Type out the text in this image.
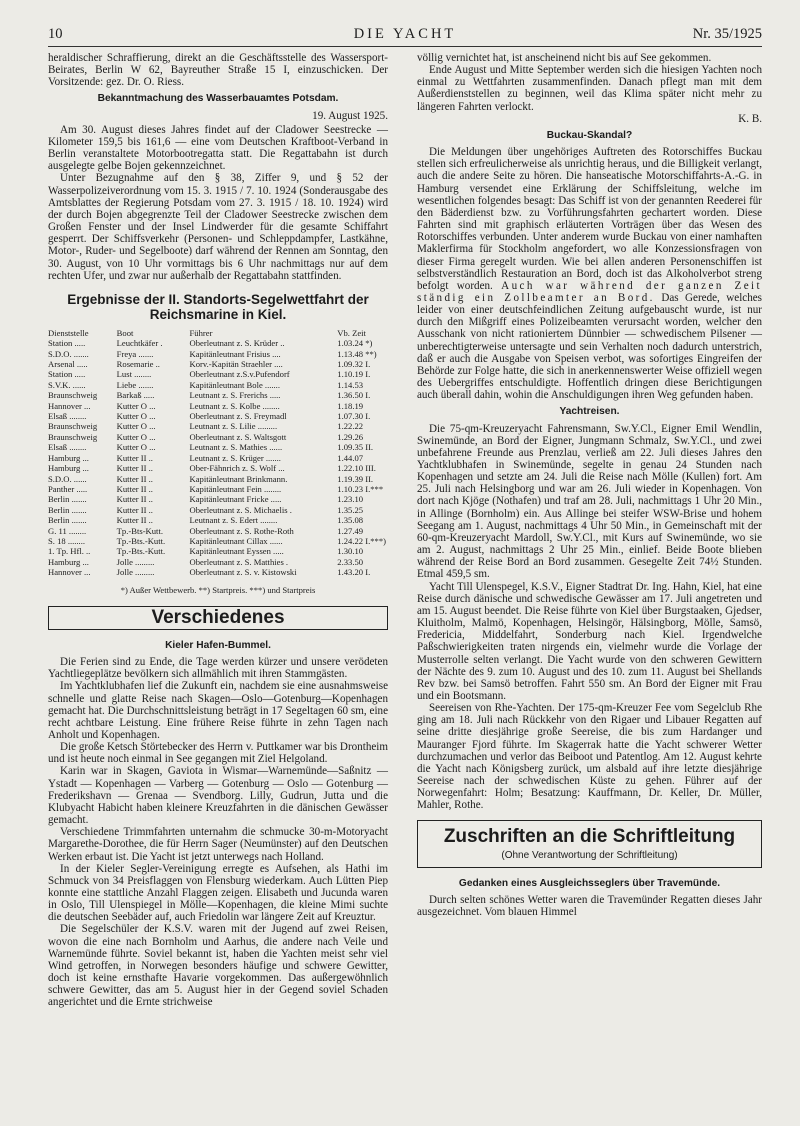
10	DIE YACHT	Nr. 35/1925

heraldischer Schraffierung, direkt an die Geschäftsstelle des Wassersport-Beirates, Berlin W 62, Bayreuther Straße 15 I, einzuschicken. Der Vorsitzende: gez. Dr. O. Riess.

Bekanntmachung des Wasserbauamtes Potsdam.
19. August 1925.

Am 30. August dieses Jahres findet auf der Cladower Seestrecke — Kilometer 159,5 bis 161,6 — eine vom Deutschen Kraftboot-Verband in Berlin veranstaltete Motorbootregatta statt. Die Regattabahn ist durch ausgelegte gelbe Bojen gekennzeichnet.

Unter Bezugnahme auf den § 38, Ziffer 9, und § 52 der Wasserpolizeiverordnung vom 15. 3. 1915 / 7. 10. 1924 (Sonderausgabe des Amtsblattes der Regierung Potsdam vom 27. 3. 1915 / 18. 10. 1924) wird der durch Bojen abgegrenzte Teil der Cladower Seestrecke zwischen dem Großen Fenster und der Insel Lindwerder für die gesamte Schiffahrt gesperrt. Der Schiffsverkehr (Personen- und Schleppdampfer, Lastkähne, Motor-, Ruder- und Segelboote) darf während der Rennen am Sonntag, den 30. August, von 10 Uhr vormittags bis 6 Uhr nachmittags nur auf dem rechten Ufer, und zwar nur außerhalb der Regattabahn stattfinden.

Ergebnisse der II. Standorts-Segelwettfahrt der Reichsmarine in Kiel.
Dienststelle	Boot	Führer	Vb. Zeit
Station .....	Leuchtkäfer .	Oberleutnant z. S. Krüder ..	1.03.24 *)
S.D.O. .......	Freya .......	Kapitänleutnant Frisius ....	1.13.48 **)
Arsenal .....	Rosemarie ..	Korv.-Kapitän Straehler ....	1.09.32 I.
Station .....	Lust ........	Oberleutnant z.S.v.Pufendorf	1.10.19 I.
S.V.K. ......	Liebe .......	Kapitänleutnant Bole .......	1.14.53
Braunschweig	Barkaß .....	Leutnant z. S. Frerichs .....	1.36.50 I.
Hannover ...	Kutter O ...	Leutnant z. S. Kolbe ........	1.18.19
Elsaß ........	Kutter O ...	Oberleutnant z. S. Freymadl	1.07.30 I.
Braunschweig	Kutter O ...	Leutnant z. S. Lilie .........	1.22.22
Braunschweig	Kutter O ...	Oberleutnant z. S. Waltsgott	1.29.26
Elsaß ........	Kutter O ...	Leutnant z. S. Mathies ......	1.09.35 II.
Hamburg ...	Kutter II ..	Leutnant z. S. Krüger .......	1.44.07
Hamburg ...	Kutter II ..	Ober-Fähnrich z. S. Wolf ...	1.22.10 III.
S.D.O. ......	Kutter II ..	Kapitänleutnant Brinkmann.	1.19.39 II.
Panther .....	Kutter II ..	Kapitänleutnant Fein ........	1.10.23 I.***
Berlin .......	Kutter II ..	Kapitänleutnant Fricke .....	1.23.10
Berlin .......	Kutter II ..	Oberleutnant z. S. Michaelis .	1.35.25
Berlin .......	Kutter II ..	Leutnant z. S. Edert ........	1.35.08
G. 11 ........	Tp.-Bts-Kutt.	Oberleutnant z. S. Rothe-Roth	1.27.49
S. 18 ........	Tp.-Bts.-Kutt.	Kapitänleutnant Cillax ......	1.24.22 I.***)
1. Tp. Hfl. ..	Tp.-Bts.-Kutt.	Kapitänleutnant Eyssen .....	1.30.10
Hamburg ...	Jolle .........	Oberleutnant z. S. Matthies .	2.33.50
Hannover ...	Jolle .........	Oberleutnant z. S. v. Kistowski	1.43.20 I.
*) Außer Wettbewerb. **) Startpreis. ***) und Startpreis
Verschiedenes
Kieler Hafen-Bummel.

Die Ferien sind zu Ende, die Tage werden kürzer und unsere verödeten Yachtliegeplätze bevölkern sich allmählich mit ihren Stammgästen.

Im Yachtklubhafen lief die Zukunft ein, nachdem sie eine ausnahmsweise schnelle und glatte Reise nach Skagen—Oslo—Gotenburg—Kopenhagen gemacht hat. Die Durchschnittsleistung beträgt in 17 Segeltagen 60 sm, eine recht achtbare Leistung. Eine frühere Reise führte in zehn Tagen nach Anholt und Kopenhagen.

Die große Ketsch Störtebecker des Herrn v. Puttkamer war bis Drontheim und ist heute noch einmal in See gegangen mit Ziel Helgoland.

Karin war in Skagen, Gaviota in Wismar—Warnemünde—Saßnitz — Ystadt — Kopenhagen — Varberg — Gotenburg — Oslo — Gotenburg — Frederikshavn — Grenaa — Svendborg. Lilly, Gudrun, Jutta und die Klubyacht Habicht haben kleinere Kreuzfahrten in die dänischen Gewässer gemacht.

Verschiedene Trimmfahrten unternahm die schmucke 30-m-Motoryacht Margarethe-Dorothee, die für Herrn Sager (Neumünster) auf den Deutschen Werken erbaut ist. Die Yacht ist jetzt unterwegs nach Holland.

In der Kieler Segler-Vereinigung erregte es Aufsehen, als Hathi im Schmuck von 34 Preisflaggen von Flensburg wiederkam. Auch Lütten Piep konnte eine stattliche Anzahl Flaggen zeigen. Elisabeth und Jucunda waren in Oslo, Till Ulenspiegel in Mölle—Kopenhagen, die kleine Mimi suchte die deutschen Seebäder auf, auch Friedolin war längere Zeit auf Kreuztur.

Die Segelschüler der K.S.V. waren mit der Jugend auf zwei Reisen, wovon die eine nach Bornholm und Aarhus, die andere nach Veile und Warnemünde führte. Soviel bekannt ist, haben die Yachten meist sehr viel Wind getroffen, in Norwegen besonders häufige und schwere Gewitter, doch ist keine ernsthafte Havarie vorgekommen. Das außergewöhnlich schwere Gewitter, das am 5. August hier in der Gegend soviel Schaden angerichtet und die Ernte strichweise

völlig vernichtet hat, ist anscheinend nicht bis auf See gekommen.

Ende August und Mitte September werden sich die hiesigen Yachten noch einmal zu Wettfahrten zusammenfinden. Danach pflegt man mit dem Außerdienststellen zu beginnen, weil das Klima später nicht mehr zu längeren Fahrten verlockt.

K. B.

Buckau-Skandal?

Die Meldungen über ungehöriges Auftreten des Rotorschiffes Buckau stellen sich erfreulicherweise als unrichtig heraus, und die Billigkeit verlangt, auch die andere Seite zu hören. Die hanseatische Motorschiffahrts-A.-G. in Hamburg versendet eine Erklärung der Schiffsleitung, welche im wesentlichen folgendes besagt: Das Schiff ist von der genannten Reederei für den Bäderdienst bzw. zu Vorführungsfahrten gechartert worden. Diese Fahrten sind mit graphisch erläuterten Vorträgen über das Wesen des Rotorschiffes verbunden. Unter anderem wurde Buckau von einer namhaften Maklerfirma für Stockholm angefordert, wo alle Konzessionsfragen von dieser Firma geregelt wurden. Wie bei allen anderen Personenschiffen ist selbstverständlich Restauration an Bord, doch ist das Alkoholverbot streng befolgt worden. Auch war während der ganzen Zeit ständig ein Zollbeamter an Bord. Das Gerede, welches leider von einer deutschfeindlichen Zeitung aufgebauscht wurde, ist nur durch den Mißgriff eines Polizeibeamten verursacht worden, welcher den Ausschank von nicht rationiertem Dünnbier — schwedischem Pilsener — unberechtigterweise untersagte und sein Verhalten noch dadurch unterstrich, daß er auch die Ausgabe von Speisen verbot, was sofortiges Eingreifen der Behörde zur Folge hatte, die sich in anerkennenswerter Weise offiziell wegen des Uebergriffes entschuldigte. Hoffentlich dringen diese Berichtigungen auch überall dahin, wohin die Anschuldigungen ihren Weg gefunden haben.

Yachtreisen.

Die 75-qm-Kreuzeryacht Fahrensmann, Sw.Y.Cl., Eigner Emil Wendlin, Swinemünde, an Bord der Eigner, Jungmann Schmalz, Sw.Y.Cl., und zwei unbefahrene Freunde aus Prenzlau, verließ am 22. Juli dieses Jahres den Yachtklubhafen in Swinemünde, segelte in genau 24 Stunden nach Kopenhagen und setzte am 24. Juli die Reise nach Mölle (Kullen) fort. Am 25. Juli nach Helsingborg und war am 26. Juli wieder in Kopenhagen. Von dort nach Kjöge (Nothafen) und traf am 28. Juli, nachmittags 1 Uhr 20 Min., in Allinge (Bornholm) ein. Aus Allinge bei steifer WSW-Brise und hohem Seegang am 1. August, nachmittags 4 Uhr 50 Min., in Gemeinschaft mit der 60-qm-Kreuzeryacht Mardoll, Sw.Y.Cl., mit Kurs auf Swinemünde, wo sie am 2. August, nachmittags 2 Uhr 25 Min., einlief. Beide Boote blieben während der Reise Bord an Bord zusammen. Gesegelte Zeit 74½ Stunden. Etmal 459,5 sm.

Yacht Till Ulenspegel, K.S.V., Eigner Stadtrat Dr. Ing. Hahn, Kiel, hat eine Reise durch dänische und schwedische Gewässer am 17. Juli angetreten und am 15. August beendet. Die Reise führte von Kiel über Burgstaaken, Gjedser, Kluitholm, Malmö, Kopenhagen, Helsingör, Hälsingborg, Mölle, Samsö, Fredericia, Middelfahrt, Sonderburg nach Kiel. Irgendwelche Paßschwierigkeiten traten nirgends ein, vielmehr wurde die Vorlage der Musterrolle selten verlangt. Die Yacht wurde von den schweren Gewittern der Nächte des 9. zum 10. August und des 10. zum 11. August bei Shellands Rev bzw. bei Samsö betroffen. Fahrt 550 sm. An Bord der Eigner mit Frau und ein Bootsmann.

Seereisen von Rhe-Yachten. Der 175-qm-Kreuzer Fee vom Segelclub Rhe ging am 18. Juli nach Rückkehr von den Rigaer und Libauer Regatten auf seine dritte diesjährige große Seereise, die bis zum Hardanger und Mauranger Fjord führte. Im Skagerrak hatte die Yacht schwerer Wetter durchzumachen und verlor das Beiboot und Patentlog. Am 12. August kehrte die Yacht nach Königsberg zurück, um alsbald auf ihre letzte diesjährige Seereise nach der schwedischen Küste zu gehen. Führer auf der Norwegenfahrt: Holm; Besatzung: Kauffmann, Dr. Keller, Dr. Müller, Mahler, Rothe.

Zuschriften an die Schriftleitung
(Ohne Verantwortung der Schriftleitung)
Gedanken eines Ausgleichsseglers über Travemünde.

Durch selten schönes Wetter waren die Travemünder Regatten dieses Jahr ausgezeichnet. Vom blauen Himmel
